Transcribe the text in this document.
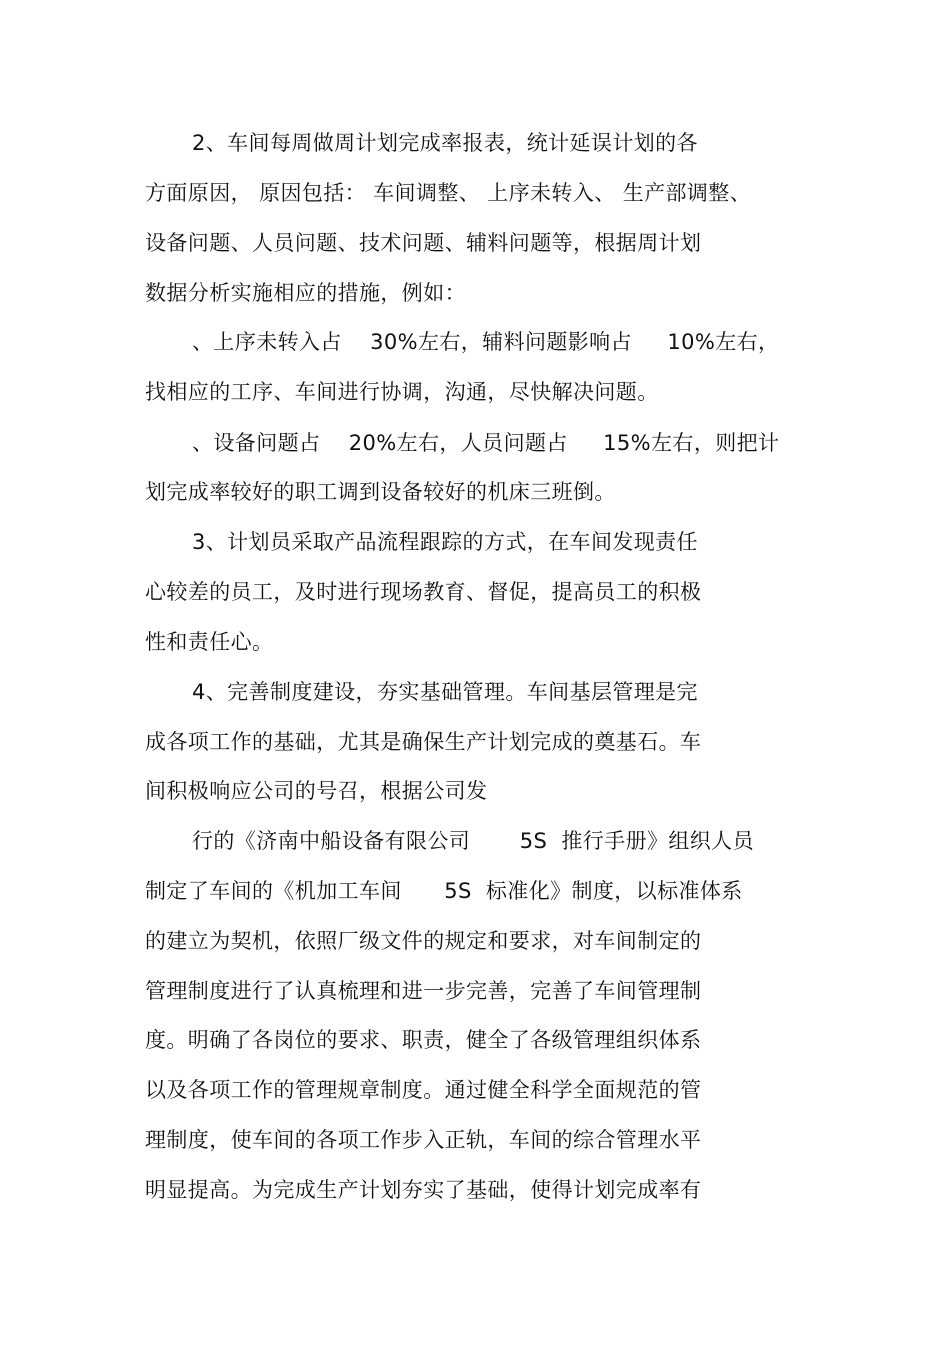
2、车间每周做周计划完成率报表，统计延误计划的各

方面原因， 原因包括： 车间调整、 上序未转入、 生产部调整、

设备问题、人员问题、技术问题、辅料问题等，根据周计划

数据分析实施相应的措施，例如：

、上序未转入占    30%左右，辅料问题影响占     10%左右，

找相应的工序、车间进行协调，沟通，尽快解决问题。

、设备问题占    20%左右，人员问题占     15%左右，则把计

划完成率较好的职工调到设备较好的机床三班倒。

3、计划员采取产品流程跟踪的方式，在车间发现责任

心较差的员工，及时进行现场教育、督促，提高员工的积极

性和责任心。

4、完善制度建设，夯实基础管理。车间基层管理是完

成各项工作的基础，尤其是确保生产计划完成的奠基石。车

间积极响应公司的号召，根据公司发

行的《济南中船设备有限公司       5S  推行手册》组织人员

制定了车间的《机加工车间      5S  标准化》制度，以标准体系

的建立为契机，依照厂级文件的规定和要求，对车间制定的

管理制度进行了认真梳理和进一步完善，完善了车间管理制

度。明确了各岗位的要求、职责，健全了各级管理组织体系

以及各项工作的管理规章制度。通过健全科学全面规范的管

理制度，使车间的各项工作步入正轨，车间的综合管理水平

明显提高。为完成生产计划夯实了基础，使得计划完成率有
